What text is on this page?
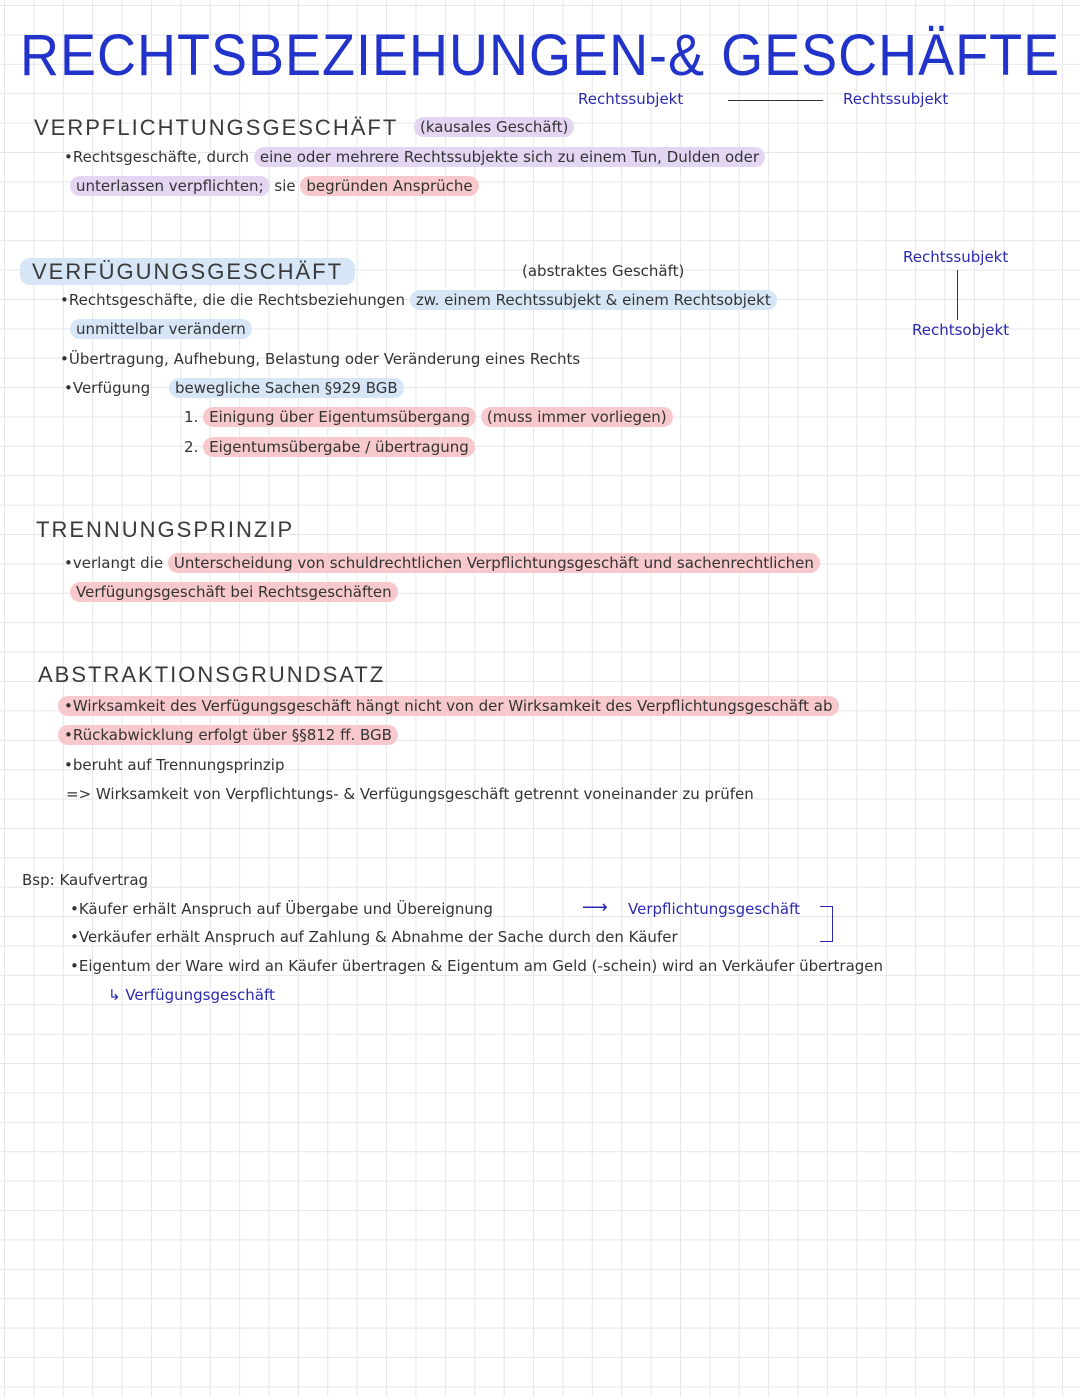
RECHTSBEZIEHUNGEN-& GESCHÄFTE
Rechtssubjekt	Rechtssubjekt
VERPFLICHTUNGSGESCHÄFT	(kausales Geschäft)
•Rechtsgeschäfte, durch eine oder mehrere Rechtssubjekte sich zu einem Tun, Dulden oder
unterlassen verpflichten; sie begründen Ansprüche
Rechtssubjekt
Rechtsobjekt
VERFÜGUNGSGESCHÄFT	(abstraktes Geschäft)
•Rechtsgeschäfte, die die Rechtsbeziehungen zw. einem Rechtssubjekt & einem Rechtsobjekt
unmittelbar verändern
•Übertragung, Aufhebung, Belastung oder Veränderung eines Rechts
•Verfügung bewegliche Sachen §929 BGB
1. Einigung über Eigentumsübergang (muss immer vorliegen)
2. Eigentumsübergabe / übertragung
TRENNUNGSPRINZIP
•verlangt die Unterscheidung von schuldrechtlichen Verpflichtungsgeschäft und sachenrechtlichen
Verfügungsgeschäft bei Rechtsgeschäften
ABSTRAKTIONSGRUNDSATZ
•Wirksamkeit des Verfügungsgeschäft hängt nicht von der Wirksamkeit des Verpflichtungsgeschäft ab
•Rückabwicklung erfolgt über §§812 ff. BGB
•beruht auf Trennungsprinzip
=> Wirksamkeit von Verpflichtungs- & Verfügungsgeschäft getrennt voneinander zu prüfen
Bsp: Kaufvertrag
•Käufer erhält Anspruch auf Übergabe und Übereignung	⟶ Verpflichtungsgeschäft
•Verkäufer erhält Anspruch auf Zahlung & Abnahme der Sache durch den Käufer
•Eigentum der Ware wird an Käufer übertragen & Eigentum am Geld (-schein) wird an Verkäufer übertragen
↳ Verfügungsgeschäft
